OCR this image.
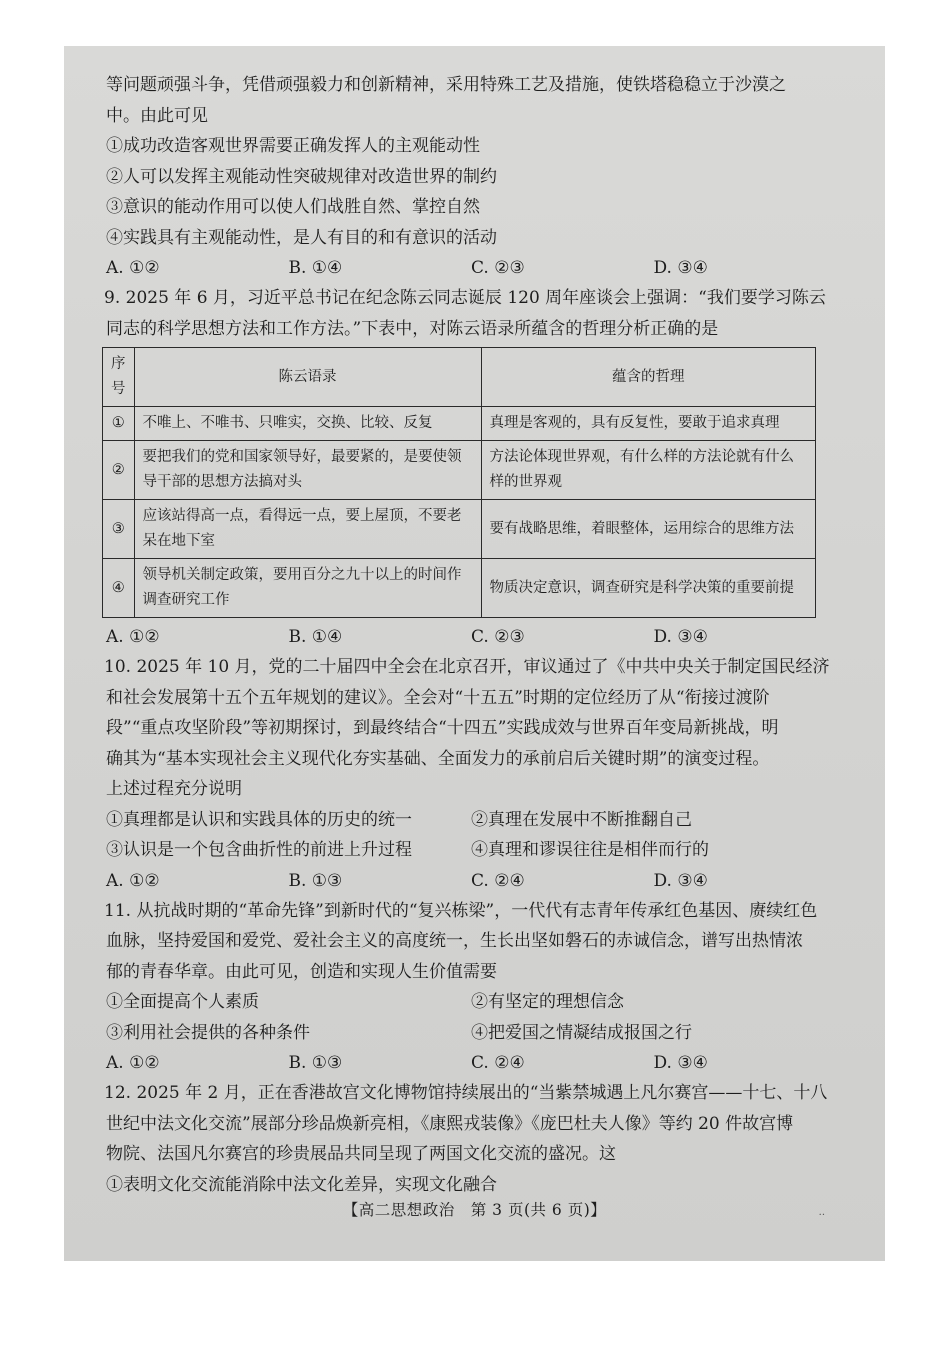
等问题顽强斗争，凭借顽强毅力和创新精神，采用特殊工艺及措施，使铁塔稳稳立于沙漠之
中。由此可见
①成功改造客观世界需要正确发挥人的主观能动性
②人可以发挥主观能动性突破规律对改造世界的制约
③意识的能动作用可以使人们战胜自然、掌控自然
④实践具有主观能动性，是人有目的和有意识的活动
A. ①②	B. ①④	C. ②③	D. ③④
9. 2025 年 6 月，习近平总书记在纪念陈云同志诞辰 120 周年座谈会上强调：“我们要学习陈云
同志的科学思想方法和工作方法。”下表中，对陈云语录所蕴含的哲理分析正确的是
序号	陈云语录	蕴含的哲理
①	不唯上、不唯书、只唯实，交换、比较、反复	真理是客观的，具有反复性，要敢于追求真理
②	要把我们的党和国家领导好，最要紧的，是要使领导干部的思想方法搞对头	方法论体现世界观，有什么样的方法论就有什么样的世界观
③	应该站得高一点，看得远一点，要上屋顶，不要老呆在地下室	要有战略思维，着眼整体，运用综合的思维方法
④	领导机关制定政策，要用百分之九十以上的时间作调查研究工作	物质决定意识，调查研究是科学决策的重要前提
A. ①②	B. ①④	C. ②③	D. ③④
10. 2025 年 10 月，党的二十届四中全会在北京召开，审议通过了《中共中央关于制定国民经济
和社会发展第十五个五年规划的建议》。全会对“十五五”时期的定位经历了从“衔接过渡阶
段”“重点攻坚阶段”等初期探讨，到最终结合“十四五”实践成效与世界百年变局新挑战，明
确其为“基本实现社会主义现代化夯实基础、全面发力的承前启后关键时期”的演变过程。
上述过程充分说明
①真理都是认识和实践具体的历史的统一	②真理在发展中不断推翻自己
③认识是一个包含曲折性的前进上升过程	④真理和谬误往往是相伴而行的
A. ①②	B. ①③	C. ②④	D. ③④
11. 从抗战时期的“革命先锋”到新时代的“复兴栋梁”，一代代有志青年传承红色基因、赓续红色
血脉，坚持爱国和爱党、爱社会主义的高度统一，生长出坚如磐石的赤诚信念，谱写出热情浓
郁的青春华章。由此可见，创造和实现人生价值需要
①全面提高个人素质	②有坚定的理想信念
③利用社会提供的各种条件	④把爱国之情凝结成报国之行
A. ①②	B. ①③	C. ②④	D. ③④
12. 2025 年 2 月，正在香港故宫文化博物馆持续展出的“当紫禁城遇上凡尔赛宫——十七、十八
世纪中法文化交流”展部分珍品焕新亮相，《康熙戎装像》《庞巴杜夫人像》等约 20 件故宫博
物院、法国凡尔赛宫的珍贵展品共同呈现了两国文化交流的盛况。这
①表明文化交流能消除中法文化差异，实现文化融合
【高二思想政治　第 3 页(共 6 页)】	··
